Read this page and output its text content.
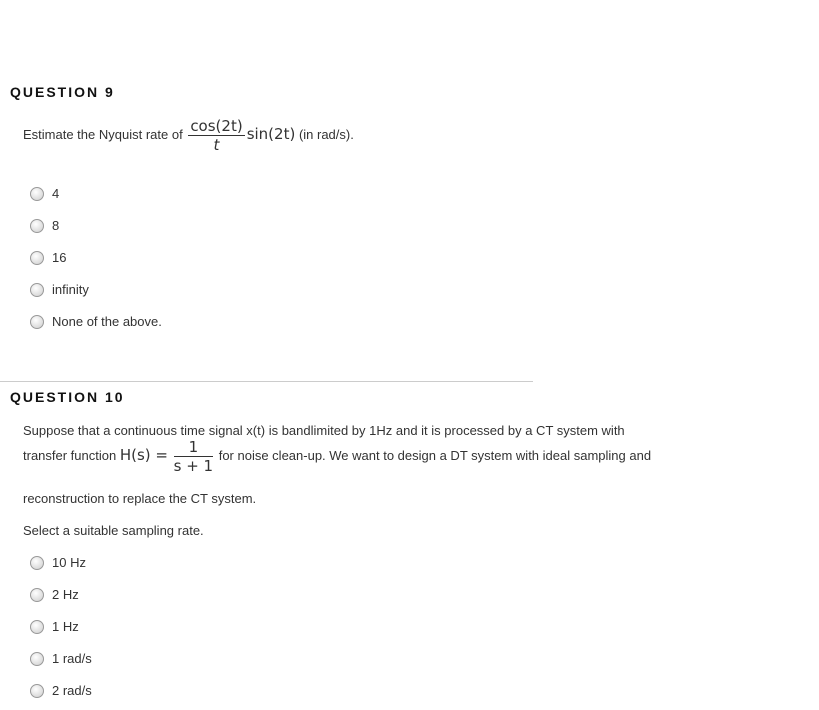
QUESTION 9
Estimate the Nyquist rate of $\frac{\cos(2t)}{t} \sin(2t)$ (in rad/s).
4
8
16
infinity
None of the above.
QUESTION 10
Suppose that a continuous time signal x(t) is bandlimited by 1Hz and it is processed by a CT system with
transfer function $H(s) = \frac{1}{s + 1}$ for noise clean-up. We want to design a DT system with ideal sampling and
reconstruction to replace the CT system.
Select a suitable sampling rate.
10 Hz
2 Hz
1 Hz
1 rad/s
2 rad/s
